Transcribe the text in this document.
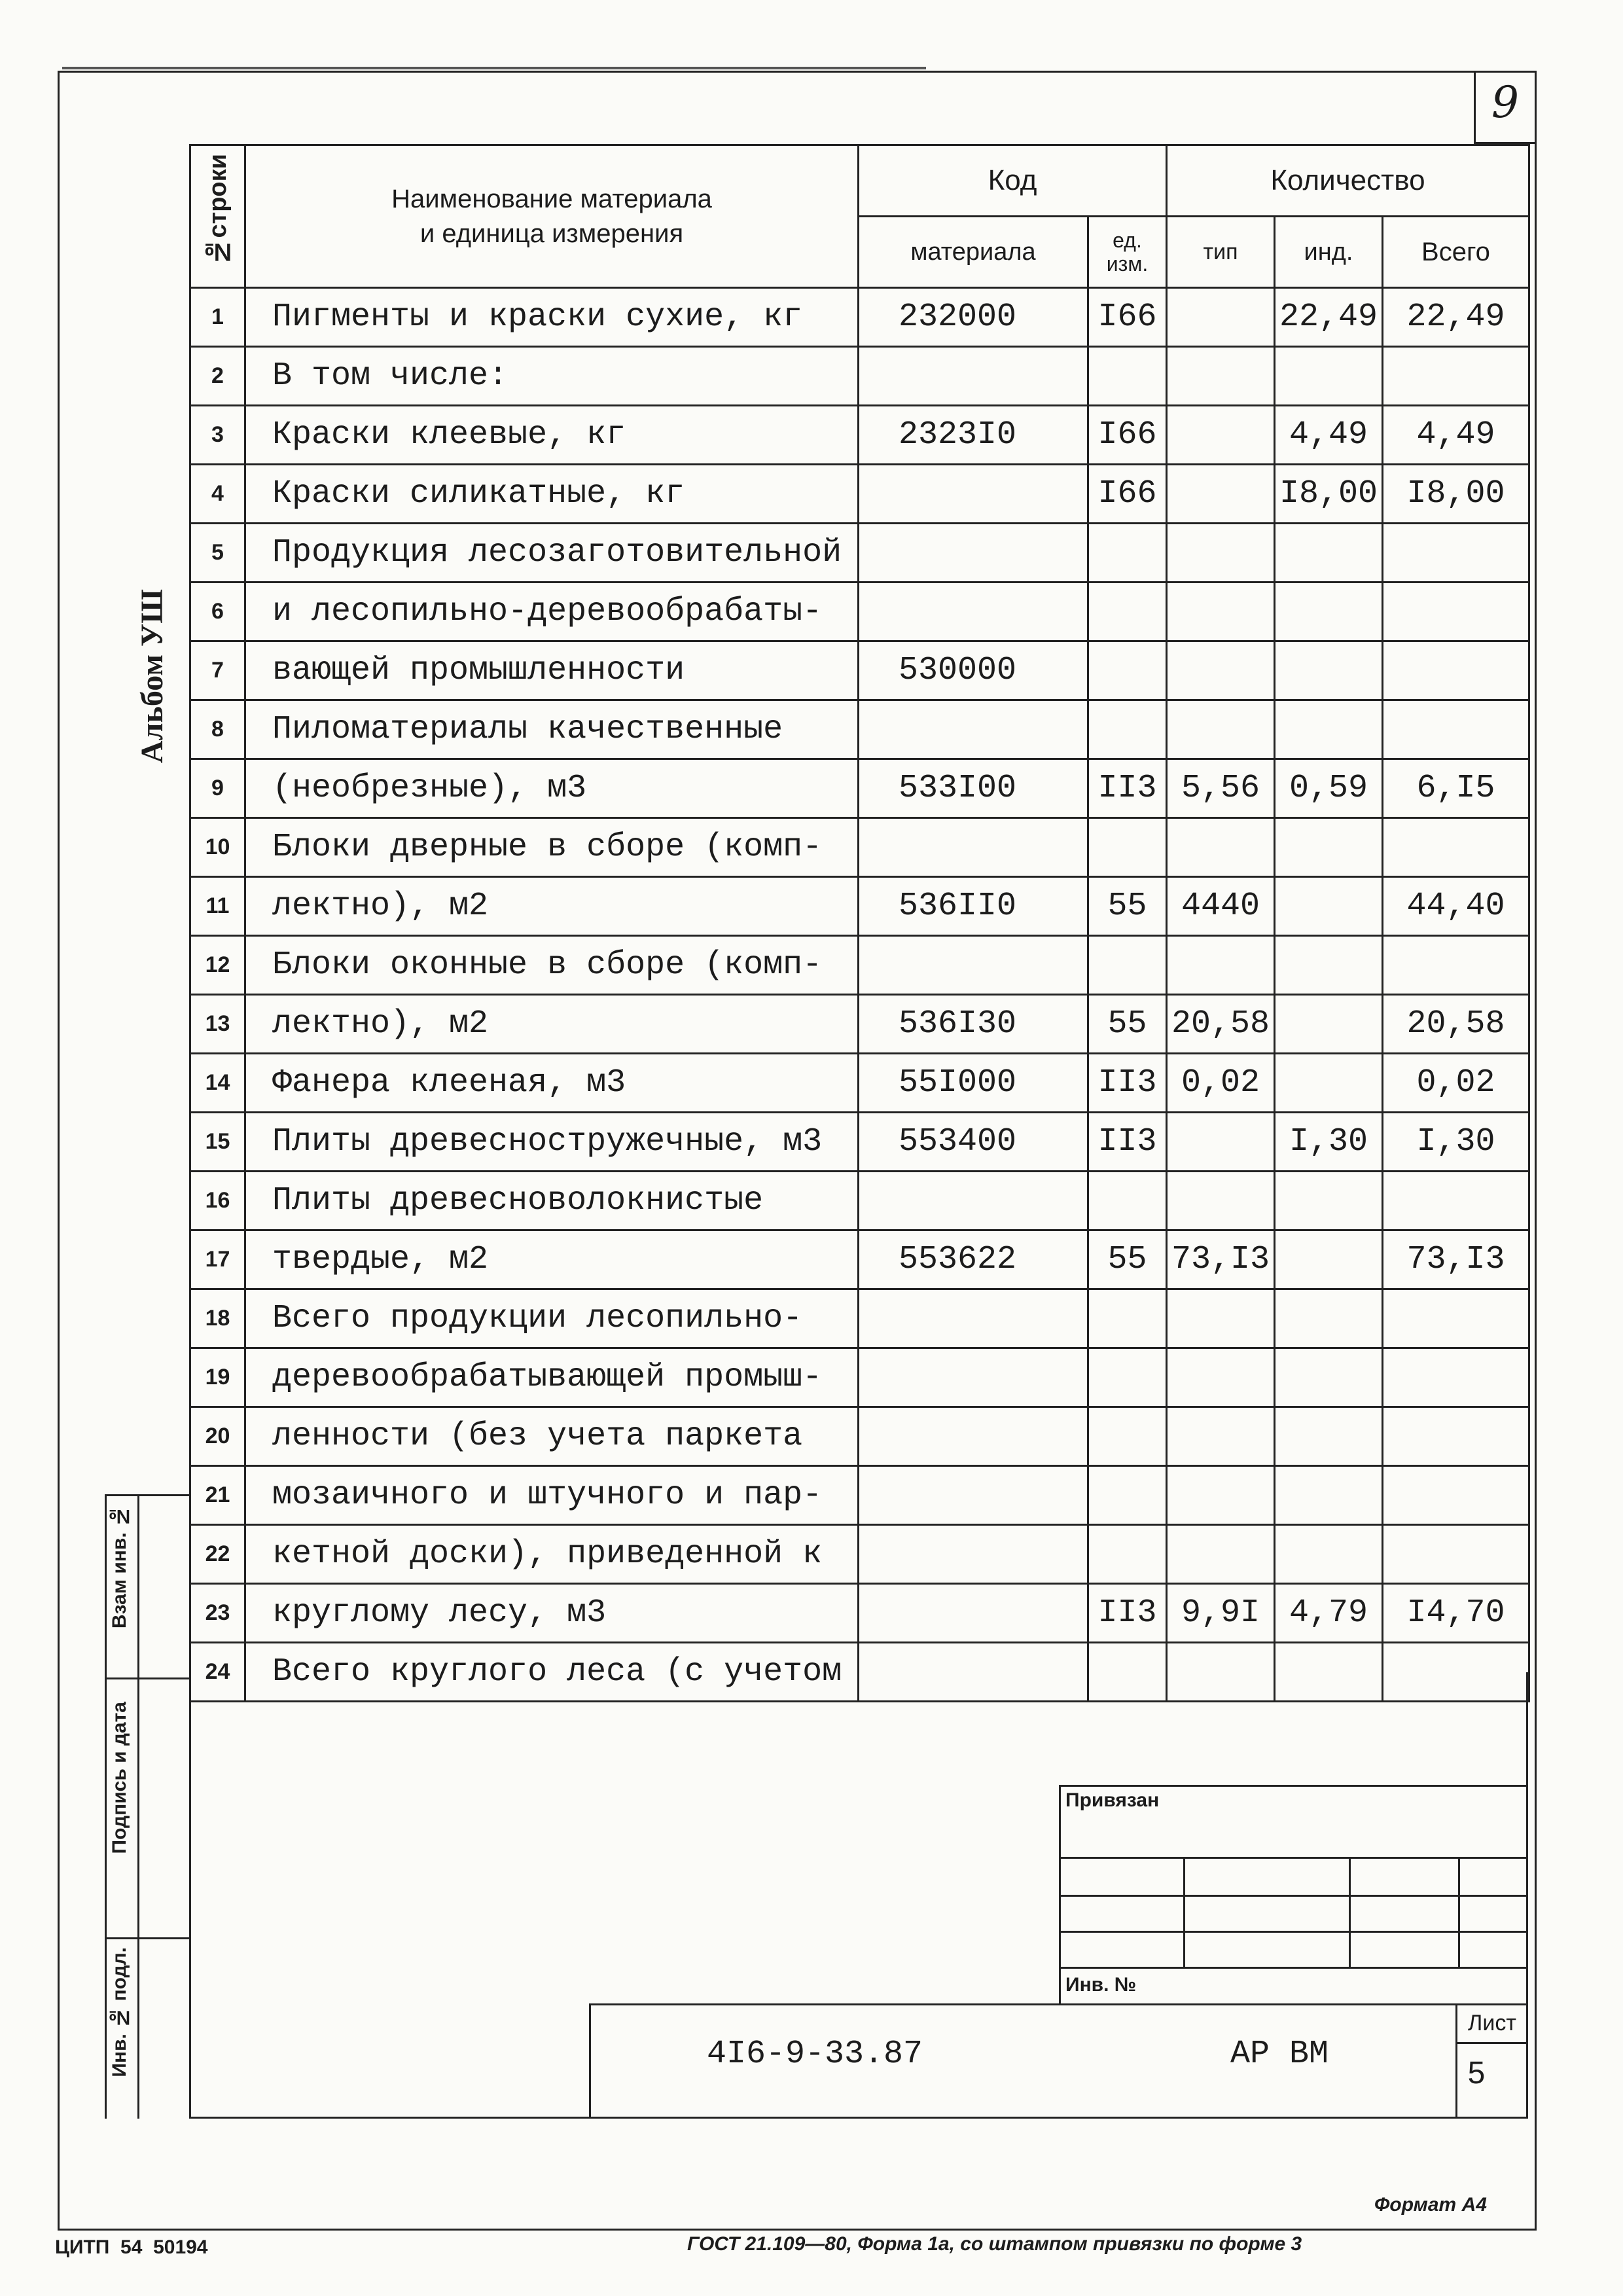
9
Альбом УШ
№строки	Наименование материала
и единица измерения	Код		Количество		
		материала	ед. изм.	тип	инд.	Всего
1	Пигменты и краски сухие, кг	232000	I66		22,49	22,49
2	В том числе:					
3	Краски клеевые, кг	2323I0	I66		4,49	4,49
4	Краски силикатные, кг		I66		I8,00	I8,00
5	Продукция лесозаготовительной					
6	и лесопильно-деревообрабаты-					
7	вающей промышленности	530000				
8	Пиломатериалы качественные					
9	(необрезные), м3	533I00	II3	5,56	0,59	6,I5
10	Блоки дверные в сборе (комп-					
11	лектно), м2	536II0	55	4440		44,40
12	Блоки оконные в сборе (комп-					
13	лектно), м2	536I30	55	20,58		20,58
14	Фанера клееная, м3	55I000	II3	0,02		0,02
15	Плиты древесностружечные, м3	553400	II3		I,30	I,30
16	Плиты древесноволокнистые					
17	твердые, м2	553622	55	73,I3		73,I3
18	Всего продукции лесопильно-					
19	деревообрабатывающей промыш-					
20	ленности (без учета паркета					
21	мозаичного и штучного и пар-					
22	кетной доски), приведенной к					
23	круглому лесу, м3		II3	9,9I	4,79	I4,70
24	Всего круглого леса (с учетом					
Взам инв. №
Подпись и дата
Инв. № подл.
Привязан
Инв. №
4I6-9-33.87	АР ВМ
Лист
5
Формат А4
ЦИТП  54  50194	ГОСТ 21.109—80, Форма 1а, со штампом привязки по форме 3
